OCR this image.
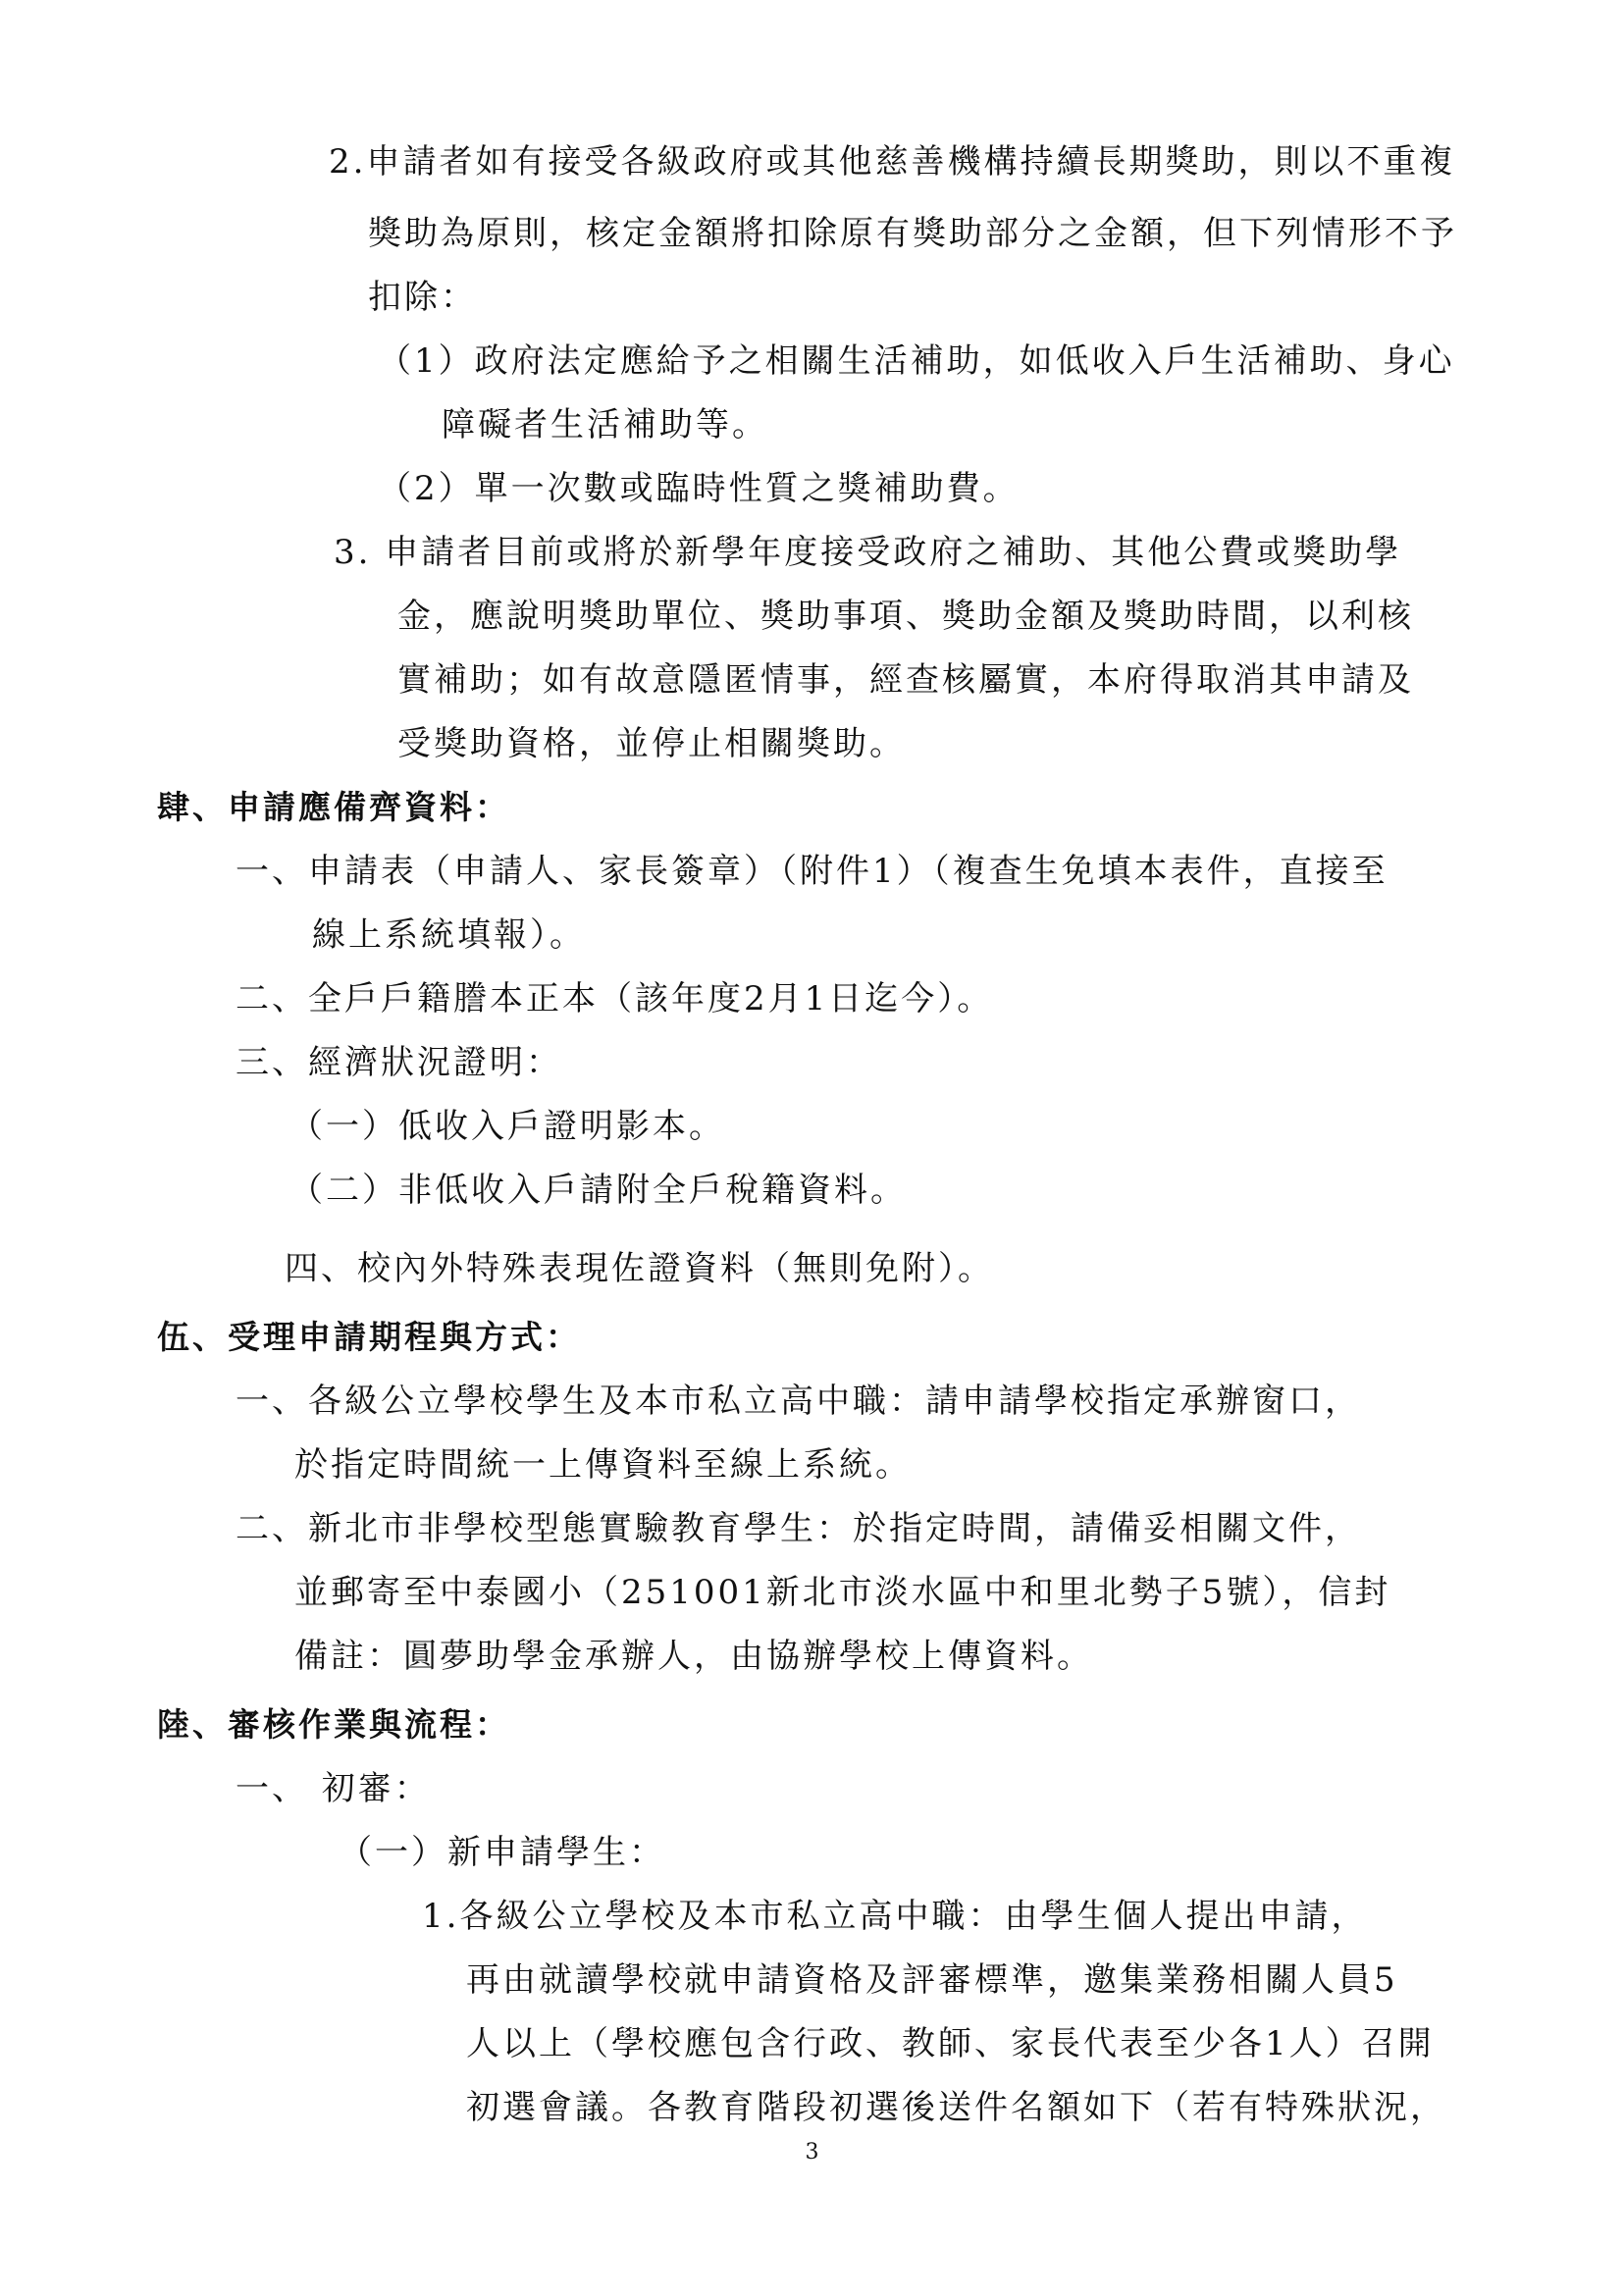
2.申請者如有接受各級政府或其他慈善機構持續長期獎助，則以不重複
獎助為原則，核定金額將扣除原有獎助部分之金額，但下列情形不予
扣除：
（1）政府法定應給予之相關生活補助，如低收入戶生活補助、身心
障礙者生活補助等。
（2）單一次數或臨時性質之獎補助費。
3. 申請者目前或將於新學年度接受政府之補助、其他公費或獎助學
金，應說明獎助單位、獎助事項、獎助金額及獎助時間，以利核
實補助；如有故意隱匿情事，經查核屬實，本府得取消其申請及
受獎助資格，並停止相關獎助。
肆、申請應備齊資料：
一、申請表（申請人、家長簽章）（附件1）（複查生免填本表件，直接至
線上系統填報）。
二、全戶戶籍謄本正本（該年度2月1日迄今）。
三、經濟狀況證明：
（一）低收入戶證明影本。
（二）非低收入戶請附全戶稅籍資料。
四、校內外特殊表現佐證資料（無則免附）。
伍、受理申請期程與方式：
一、各級公立學校學生及本市私立高中職：請申請學校指定承辦窗口，
於指定時間統一上傳資料至線上系統。
二、新北市非學校型態實驗教育學生：於指定時間，請備妥相關文件，
並郵寄至中泰國小（251001新北市淡水區中和里北勢子5號），信封
備註：圓夢助學金承辦人，由協辦學校上傳資料。
陸、審核作業與流程：
一、 初審：
（一）新申請學生：
1.各級公立學校及本市私立高中職：由學生個人提出申請，
再由就讀學校就申請資格及評審標準，邀集業務相關人員5
人以上（學校應包含行政、教師、家長代表至少各1人）召開
初選會議。各教育階段初選後送件名額如下（若有特殊狀況，
3
